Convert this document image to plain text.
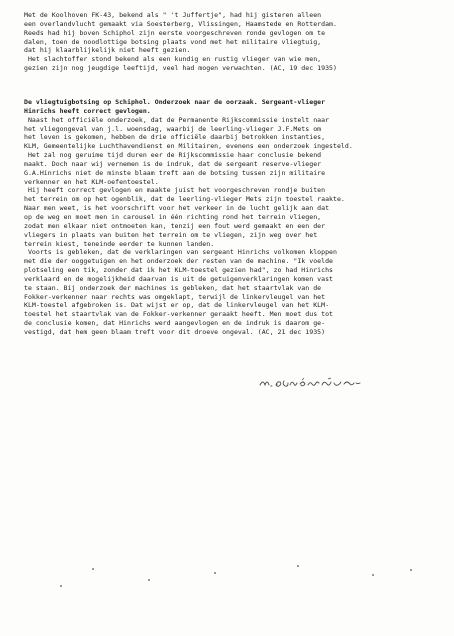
Met de Koolhoven FK-43, bekend als " 't Juffertje", had hij gisteren alleen
een overlandvlucht gemaakt via Soesterberg, Vlissingen, Haamstede en Rotterdam.
Reeds had hij boven Schiphol zijn eerste voorgeschreven ronde gevlogen om te
dalen, toen de noodlottige botsing plaats vond met het militaire vliegtuig,
dat hij klaarblijkelijk niet heeft gezien.
Het slachtoffer stond bekend als een kundig en rustig vlieger van wie men,
gezien zijn nog jeugdige leeftijd, veel had mogen verwachten. (AC, 19 dec 1935)
De vliegtuigbotsing op Schiphol. Onderzoek naar de oorzaak. Sergeant-vlieger
Hinrichs heeft correct gevlogen.
Naast het officiële onderzoek, dat de Permanente Rijkscommissie instelt naar
het vliegongeval van j.l. woensdag, waarbij de leerling-vlieger J.F.Mets om
het leven is gekomen, hebben de drie officiële daarbij betrokken instanties,
KLM, Gemeentelijke Luchthavendienst en Militairen, evenens een onderzoek ingesteld.
Het zal nog geruime tijd duren eer de Rijkscommissie haar conclusie bekend
maakt. Doch naar wij vernemen is de indruk, dat de sergeant reserve-vlieger
G.A.Hinrichs niet de minste blaam treft aan de botsing tussen zijn militaire
verkenner en het KLM-oefentoestel.
Hij heeft correct gevlogen en maakte juist het voorgeschreven rondje buiten
het terrein om op het ogenblik, dat de leerling-vlieger Mets zijn toestel raakte.
Naar men weet, is het voorschrift voor het verkeer in de lucht gelijk aan dat
op de weg en moet men in carousel in één richting rond het terrein vliegen,
zodat men elkaar niet ontmoeten kan, tenzij een fout werd gemaakt en een der
vliegers in plaats van buiten het terrein om te vliegen, zijn weg over het
terrein kiest, teneinde eerder te kunnen landen.
Voorts is gebleken, dat de verklaringen van sergeant Hinrichs volkomen kloppen
met die der ooggetuigen en het onderzoek der resten van de machine. "Ik voelde
plotseling een tik, zonder dat ik het KLM-toestel gezien had", zo had Hinrichs
verklaard en de mogelijkheid daarvan is uit de getuigenverklaringen komen vast
te staan. Bij onderzoek der machines is gebleken, dat het staartvlak van de
Fokker-verkenner naar rechts was omgeklapt, terwijl de linkervleugel van het
KLM-toestel afgebroken is. Dat wijst er op, dat de linkervleugel van het KLM-
toestel het staartvlak van de Fokker-verkenner geraakt heeft. Men moet dus tot
de conclusie komen, dat Hinrichs werd aangevlogen en de indruk is daarom ge-
vestigd, dat hem geen blaam treft voor dit droeve ongeval. (AC, 21 dec 1935)
